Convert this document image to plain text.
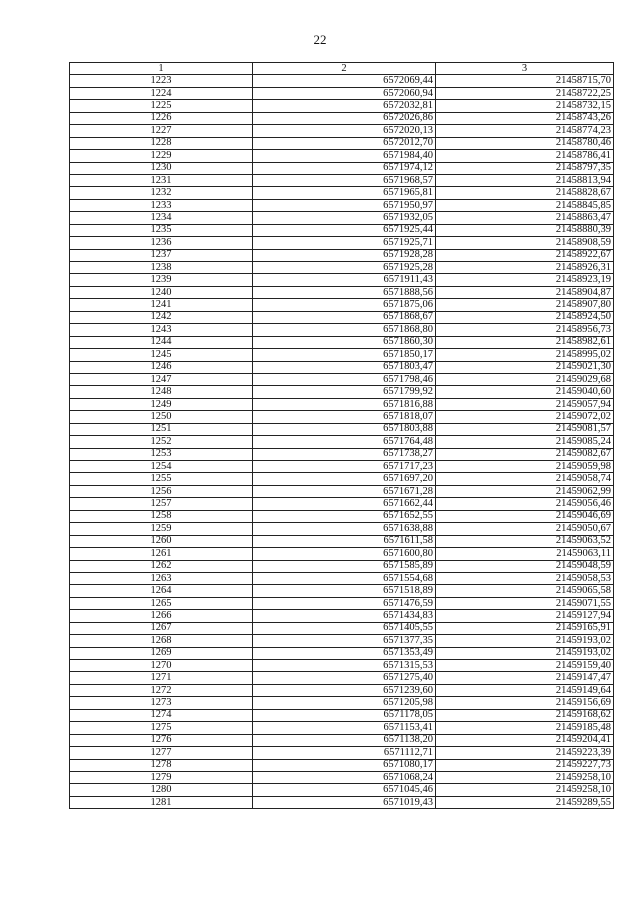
22
1	2	3
1223	6572069,44	21458715,70
1224	6572060,94	21458722,25
1225	6572032,81	21458732,15
1226	6572026,86	21458743,26
1227	6572020,13	21458774,23
1228	6572012,70	21458780,46
1229	6571984,40	21458786,41
1230	6571974,12	21458797,35
1231	6571968,57	21458813,94
1232	6571965,81	21458828,67
1233	6571950,97	21458845,85
1234	6571932,05	21458863,47
1235	6571925,44	21458880,39
1236	6571925,71	21458908,59
1237	6571928,28	21458922,67
1238	6571925,28	21458926,31
1239	6571911,43	21458923,19
1240	6571888,56	21458904,87
1241	6571875,06	21458907,80
1242	6571868,67	21458924,50
1243	6571868,80	21458956,73
1244	6571860,30	21458982,61
1245	6571850,17	21458995,02
1246	6571803,47	21459021,30
1247	6571798,46	21459029,68
1248	6571799,92	21459040,60
1249	6571816,88	21459057,94
1250	6571818,07	21459072,02
1251	6571803,88	21459081,57
1252	6571764,48	21459085,24
1253	6571738,27	21459082,67
1254	6571717,23	21459059,98
1255	6571697,20	21459058,74
1256	6571671,28	21459062,99
1257	6571662,44	21459056,46
1258	6571652,55	21459046,69
1259	6571638,88	21459050,67
1260	6571611,58	21459063,52
1261	6571600,80	21459063,11
1262	6571585,89	21459048,59
1263	6571554,68	21459058,53
1264	6571518,89	21459065,58
1265	6571476,59	21459071,55
1266	6571434,83	21459127,94
1267	6571405,55	21459165,91
1268	6571377,35	21459193,02
1269	6571353,49	21459193,02
1270	6571315,53	21459159,40
1271	6571275,40	21459147,47
1272	6571239,60	21459149,64
1273	6571205,98	21459156,69
1274	6571178,05	21459168,62
1275	6571153,41	21459185,48
1276	6571138,20	21459204,41
1277	6571112,71	21459223,39
1278	6571080,17	21459227,73
1279	6571068,24	21459258,10
1280	6571045,46	21459258,10
1281	6571019,43	21459289,55
